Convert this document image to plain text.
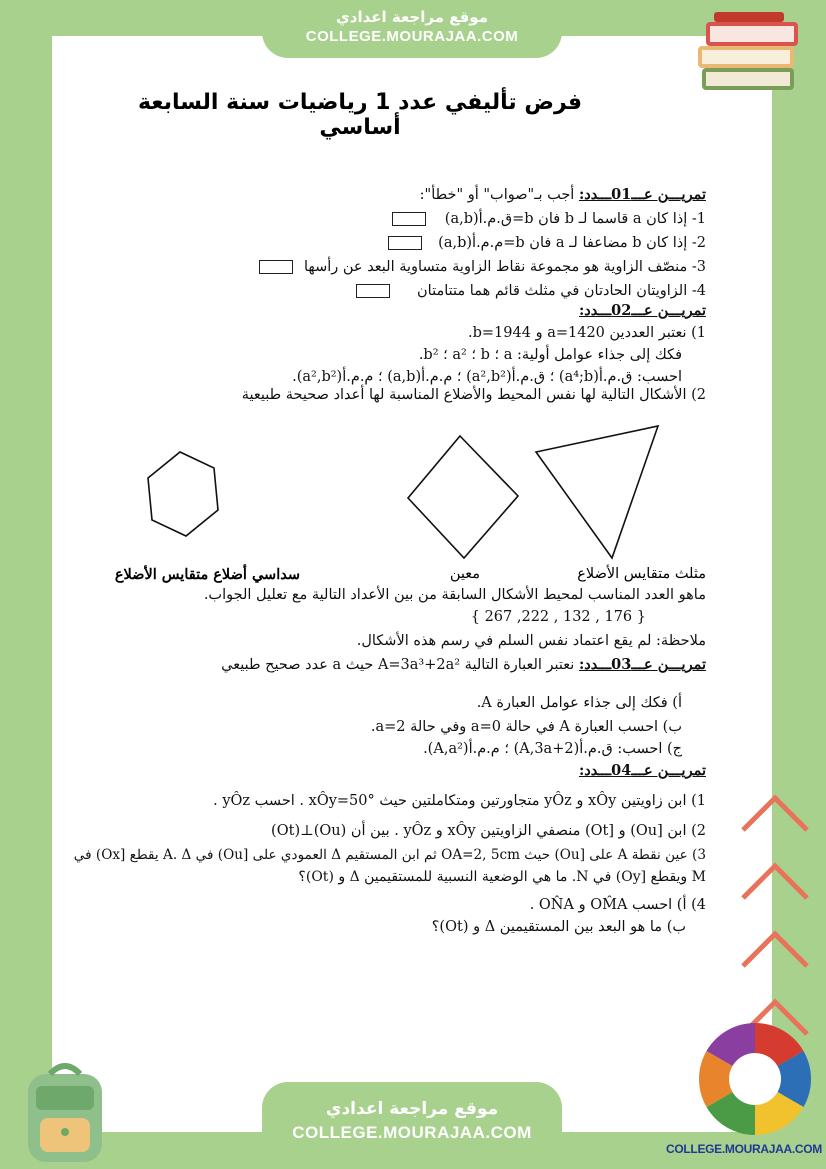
موقع مراجعة اعدادي
COLLEGE.MOURAJAA.COM
موقع مراجعة اعدادي
COLLEGE.MOURAJAA.COM
COLLEGE.MOURAJAA.COM
فرض تأليفي عدد 1 رياضيات سنة السابعة أساسي
تمريـــن عـــ01ـــدد: أجب بـ"صواب" أو "خطأ":
1- إذا كان a قاسما لـ b فان b=ق.م.أ(a,b)
2- إذا كان b مضاعفا لـ a فان b=م.م.أ(a,b)
3- منصّف الزاوية هو مجموعة نقاط الزاوية متساوية البعد عن رأسها
4- الزاويتان الحادتان في مثلث قائم هما متتامتان
تمريـــن عـــ02ـــدد:
1) نعتبر العددين a=1420 و b=1944.
فكك إلى جذاء عوامل أولية: a ؛ b ؛ a² ؛ b².
احسب: ق.م.أ(a⁴;b) ؛ ق.م.أ(a²,b²) ؛ م.م.أ(a,b) ؛ م.م.أ(a²,b²).
2) الأشكال التالية لها نفس المحيط والأضلاع المناسبة لها أعداد صحيحة طبيعية
مثلث متقايس الأضلاع
معين
سداسي أضلاع متقايس الأضلاع
ماهو العدد المناسب لمحيط الأشكال السابقة من بين الأعداد التالية مع تعليل الجواب.
{ 267 ,222 , 132 , 176 }
ملاحظة: لم يقع اعتماد نفس السلم في رسم هذه الأشكال.
تمريـــن عـــ03ـــدد: نعتبر العبارة التالية A=3a³+2a² حيث a عدد صحيح طبيعي
أ) فكك إلى جذاء عوامل العبارة A.
ب) احسب العبارة A في حالة a=0 وفي حالة a=2.
ج) احسب: ق.م.أ(A,3a+2) ؛ م.م.أ(A,a²).
تمريـــن عـــ04ـــدد:
1) ابن زاويتين xÔy و yÔz متجاورتين ومتكاملتين حيث xÔy=50° . احسب yÔz .
2) ابن [Ou) و [Ot) منصفي الزاويتين xÔy و yÔz . بين أن (Ou)⊥(Ot)
3) عين نقطة A على [Ou) حيث OA=2, 5cm ثم ابن المستقيم Δ العمودي على [Ou) في A. Δ يقطع [Ox) في
M ويقطع [Oy) في N. ما هي الوضعية النسبية للمستقيمين Δ و (Ot)؟
4) أ) احسب OM̂A و ON̂A .
ب) ما هو البعد بين المستقيمين Δ و (Ot)؟
